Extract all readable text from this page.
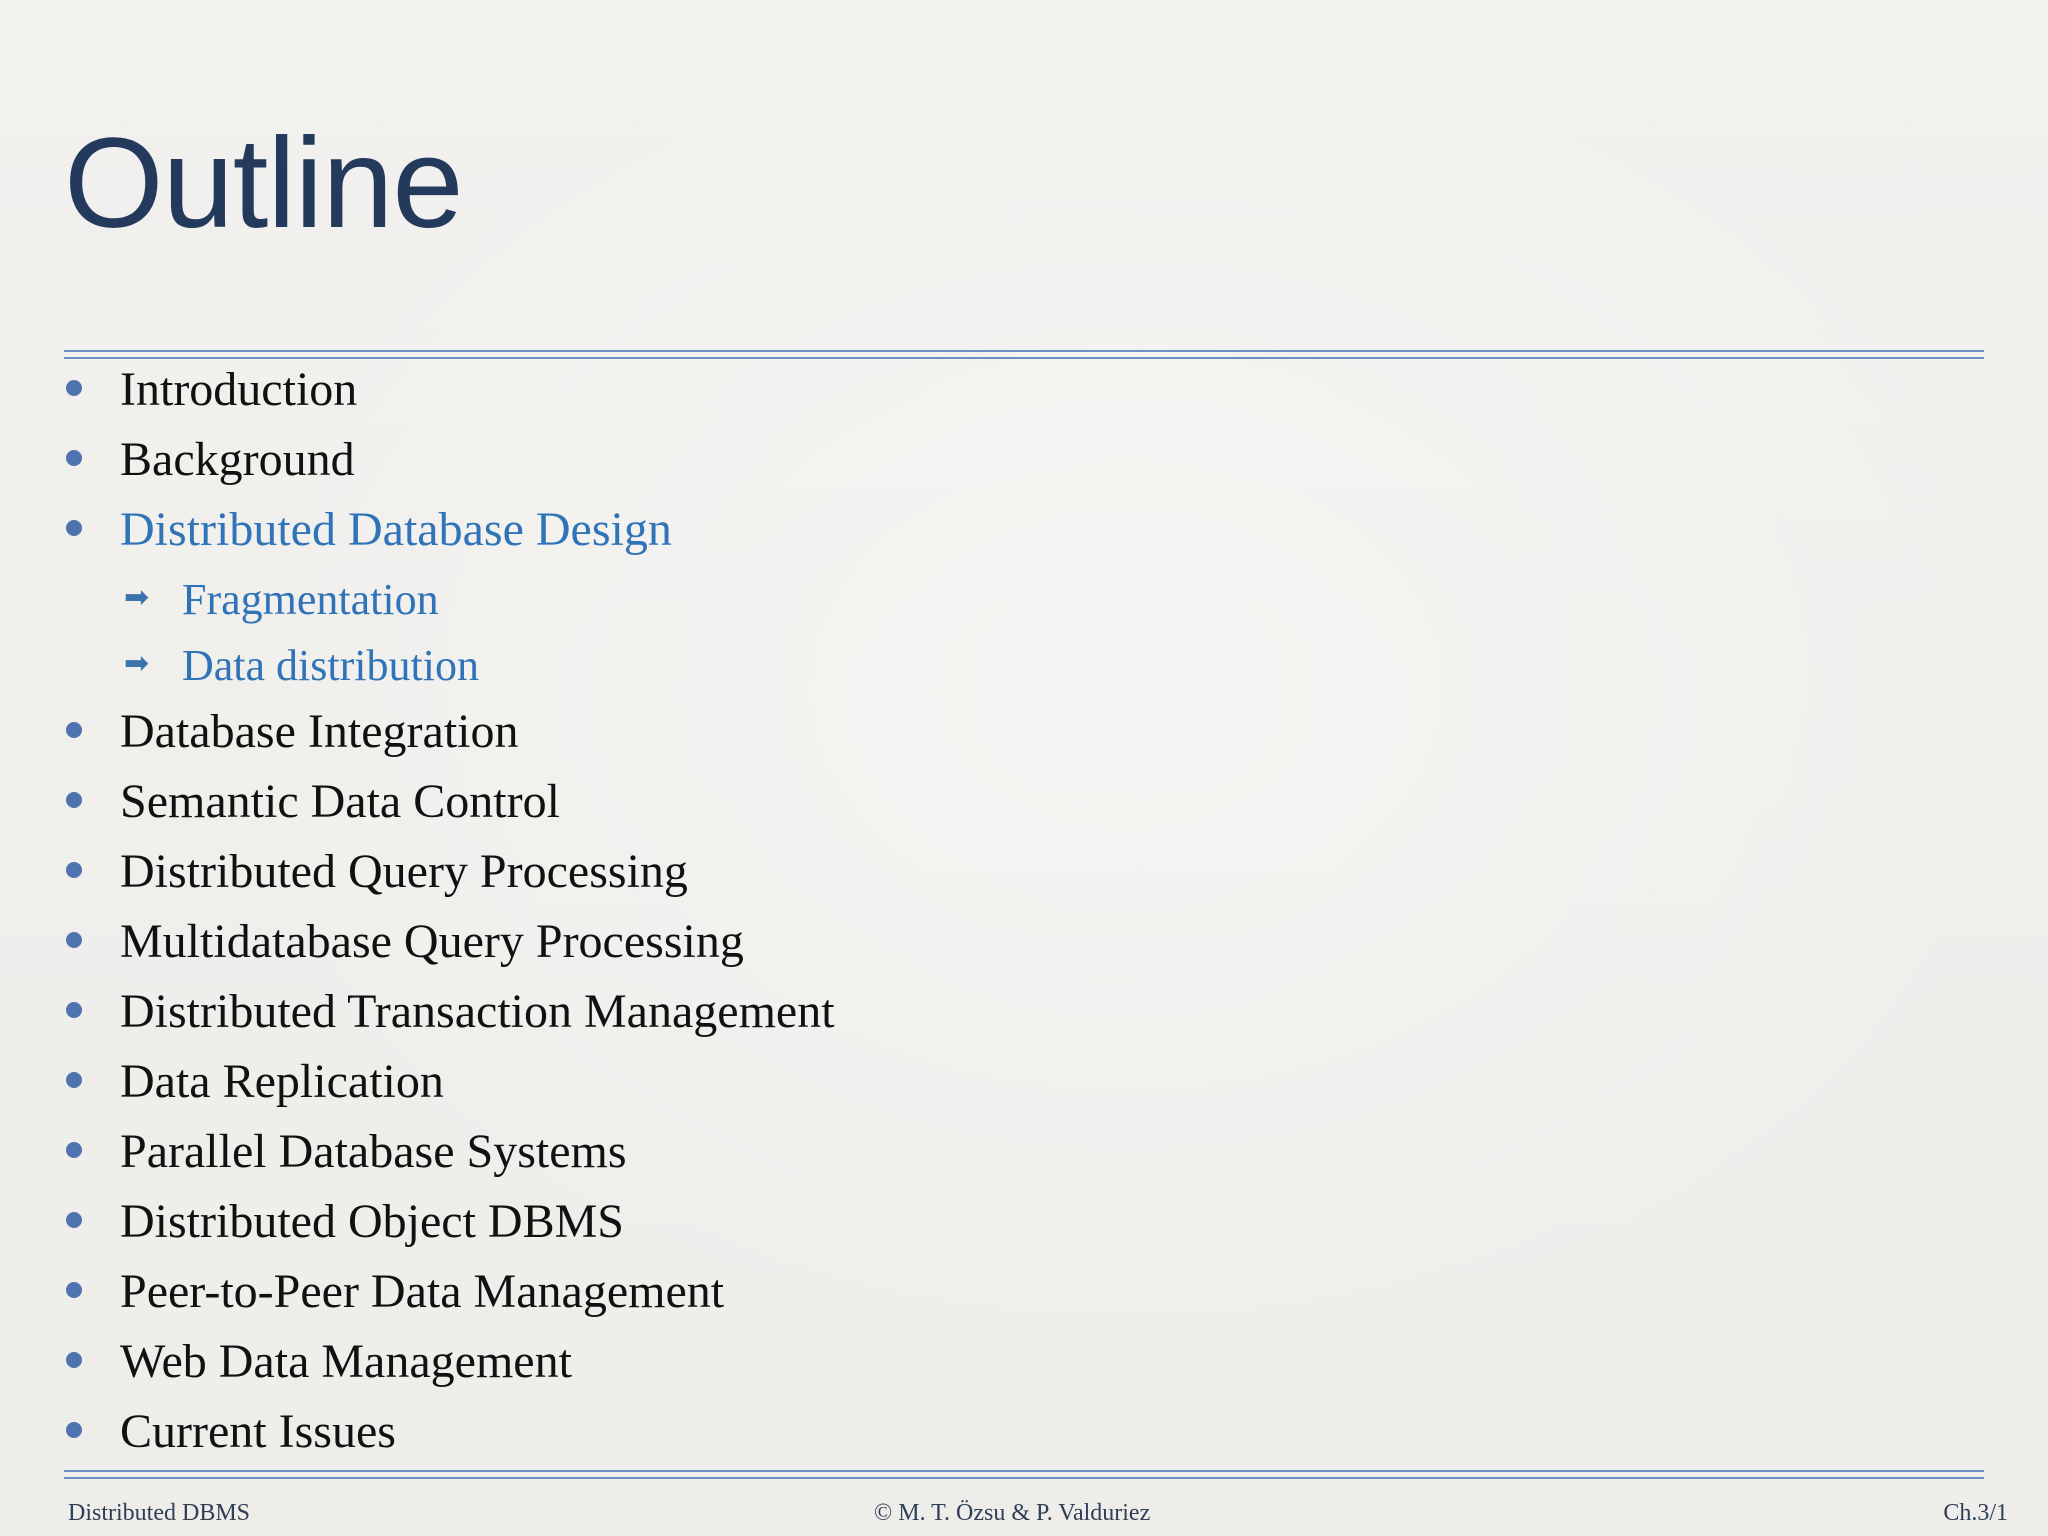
Outline
Introduction
Background
Distributed Database Design
➡ Fragmentation
➡ Data distribution
Database Integration
Semantic Data Control
Distributed Query Processing
Multidatabase Query Processing
Distributed Transaction Management
Data Replication
Parallel Database Systems
Distributed Object DBMS
Peer-to-Peer Data Management
Web Data Management
Current Issues
Distributed DBMS	© M. T. Özsu & P. Valduriez	Ch.3/1
